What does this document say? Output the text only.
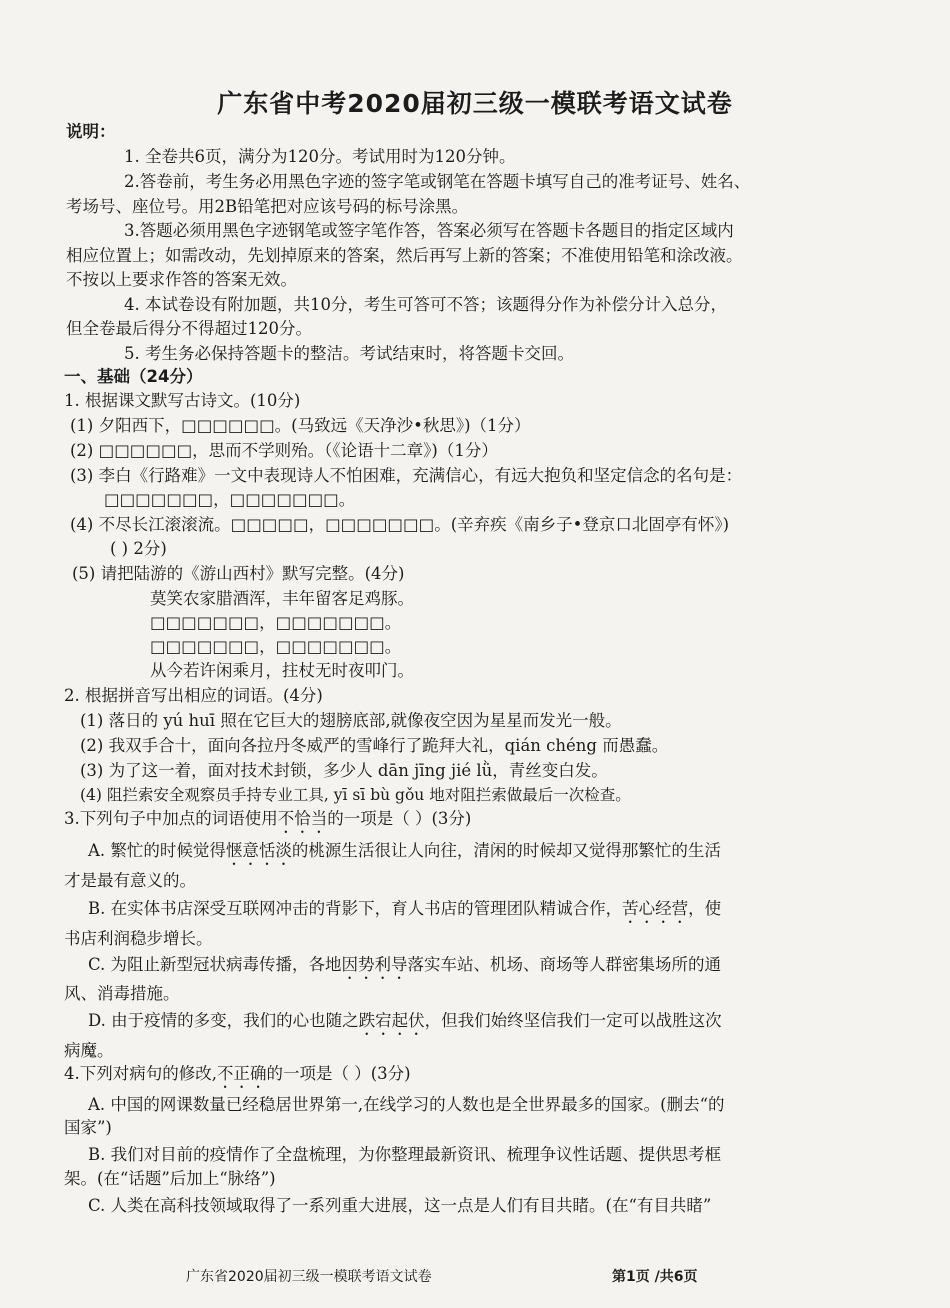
广东省中考2020届初三级一模联考语文试卷
说明：
1. 全卷共6页，满分为120分。考试用时为120分钟。
2.答卷前，考生务必用黑色字迹的签字笔或钢笔在答题卡填写自己的准考证号、姓名、
考场号、座位号。用2B铅笔把对应该号码的标号涂黑。
3.答题必须用黑色字迹钢笔或签字笔作答，答案必须写在答题卡各题目的指定区域内
相应位置上；如需改动，先划掉原来的答案，然后再写上新的答案；不准使用铅笔和涂改液。
不按以上要求作答的答案无效。
4. 本试卷设有附加题，共10分，考生可答可不答；该题得分作为补偿分计入总分，
但全卷最后得分不得超过120分。
5. 考生务必保持答题卡的整洁。考试结束时，将答题卡交回。
一、基础（24分）
1. 根据课文默写古诗文。(10分)
(1) 夕阳西下，□□□□□□。(马致远《天净沙•秋思》)（1分）
(2) □□□□□□，思而不学则殆。（《论语十二章》)（1分）
(3) 李白《行路难》一文中表现诗人不怕困难，充满信心，有远大抱负和坚定信念的名句是：
□□□□□□□，□□□□□□□。
(4) 不尽长江滚滚流。□□□□□，□□□□□□□。(辛弃疾《南乡子•登京口北固亭有怀》)
( ) 2分)
(5) 请把陆游的《游山西村》默写完整。(4分)
莫笑农家腊酒浑，丰年留客足鸡豚。
□□□□□□□，□□□□□□□。
□□□□□□□，□□□□□□□。
从今若许闲乘月，拄杖无时夜叩门。
2. 根据拼音写出相应的词语。(4分)
(1) 落日的 yú huī 照在它巨大的翅膀底部,就像夜空因为星星而发光一般。
(2) 我双手合十，面向各拉丹冬威严的雪峰行了跪拜大礼，qián chéng 而愚蠢。
(3) 为了这一着，面对技术封锁，多少人 dān jīng jié lǜ，青丝变白发。
(4) 阻拦索安全观察员手持专业工具, yī sī bù gǒu 地对阻拦索做最后一次检查。
3.下列句子中加点的词语使用不恰当的一项是（ ）(3分)
A. 繁忙的时候觉得惬意恬淡的桃源生活很让人向往，清闲的时候却又觉得那繁忙的生活
才是最有意义的。
B. 在实体书店深受互联网冲击的背影下，育人书店的管理团队精诚合作，苦心经营，使
书店利润稳步增长。
C. 为阻止新型冠状病毒传播，各地因势利导落实车站、机场、商场等人群密集场所的通
风、消毒措施。
D. 由于疫情的多变，我们的心也随之跌宕起伏，但我们始终坚信我们一定可以战胜这次
病魔。
4.下列对病句的修改,不正确的一项是（ ）(3分)
A. 中国的网课数量已经稳居世界第一,在线学习的人数也是全世界最多的国家。(删去“的
国家”)
B. 我们对目前的疫情作了全盘梳理，为你整理最新资讯、梳理争议性话题、提供思考框
架。(在“话题”后加上“脉络”)
C. 人类在高科技领域取得了一系列重大进展，这一点是人们有目共睹。(在“有目共睹”
广东省2020届初三级一模联考语文试卷	第1页 /共6页
